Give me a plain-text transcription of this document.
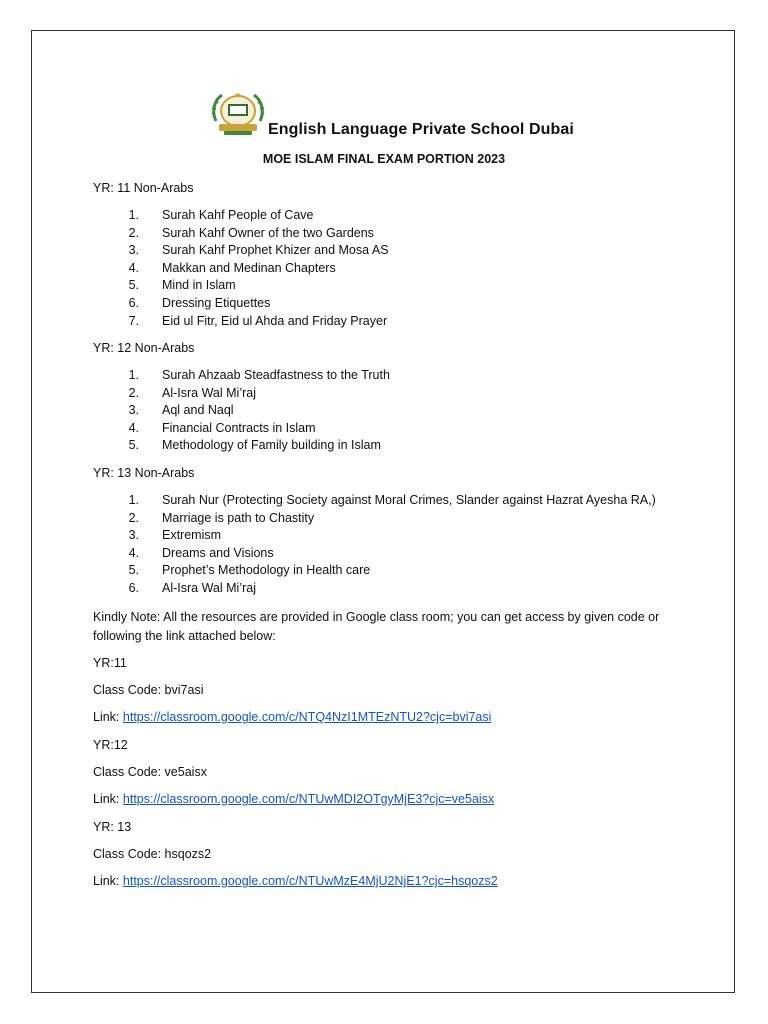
English Language Private School Dubai
MOE ISLAM FINAL EXAM PORTION 2023
YR: 11 Non-Arabs
1. Surah Kahf People of Cave
2. Surah Kahf Owner of the two Gardens
3. Surah Kahf Prophet Khizer and Mosa AS
4. Makkan and Medinan Chapters
5. Mind in Islam
6. Dressing Etiquettes
7. Eid ul Fitr, Eid ul Ahda and Friday Prayer
YR: 12 Non-Arabs
1. Surah Ahzaab Steadfastness to the Truth
2. Al-Isra Wal Mi’raj
3. Aql and Naql
4. Financial Contracts in Islam
5. Methodology of Family building in Islam
YR: 13 Non-Arabs
1. Surah Nur (Protecting Society against Moral Crimes, Slander against Hazrat Ayesha RA,)
2. Marriage is path to Chastity
3. Extremism
4. Dreams and Visions
5. Prophet’s Methodology in Health care
6. Al-Isra Wal Mi’raj
Kindly Note: All the resources are provided in Google class room; you can get access by given code or following the link attached below:
YR:11
Class Code: bvi7asi
Link: https://classroom.google.com/c/NTQ4NzI1MTEzNTU2?cjc=bvi7asi
YR:12
Class Code: ve5aisx
Link: https://classroom.google.com/c/NTUwMDI2OTgyMjE3?cjc=ve5aisx
YR: 13
Class Code: hsqozs2
Link: https://classroom.google.com/c/NTUwMzE4MjU2NjE1?cjc=hsqozs2
